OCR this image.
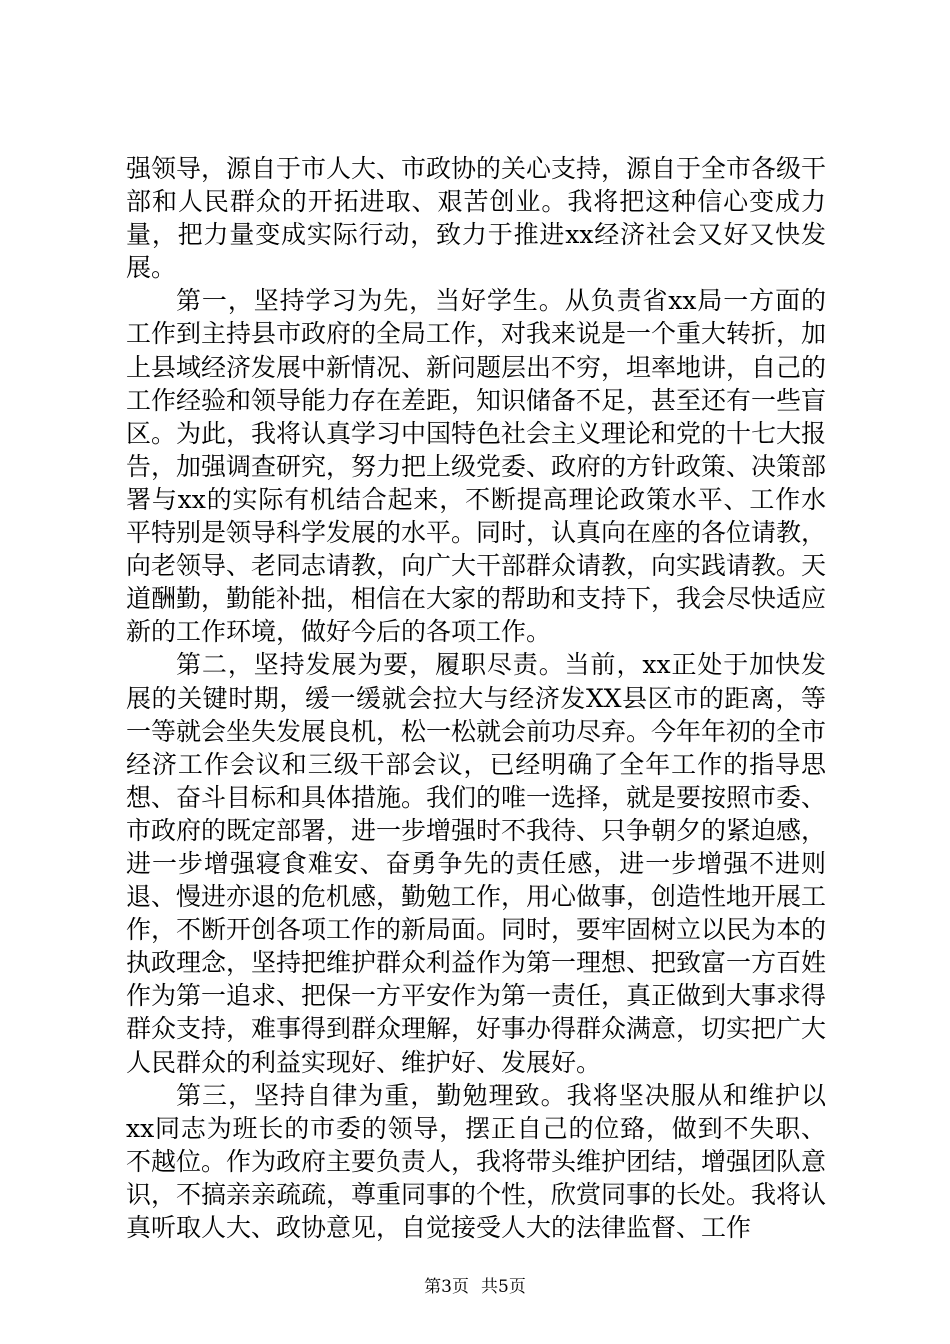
强领导，源自于市人大、市政协的关心支持，源自于全市各级干部和人民群众的开拓进取、艰苦创业。我将把这种信心变成力量，把力量变成实际行动，致力于推进xx经济社会又好又快发展。

第一，坚持学习为先，当好学生。从负责省xx局一方面的工作到主持县市政府的全局工作，对我来说是一个重大转折，加上县域经济发展中新情况、新问题层出不穷，坦率地讲，自己的工作经验和领导能力存在差距，知识储备不足，甚至还有一些盲区。为此，我将认真学习中国特色社会主义理论和党的十七大报告，加强调查研究，努力把上级党委、政府的方针政策、决策部署与xx的实际有机结合起来，不断提高理论政策水平、工作水平特别是领导科学发展的水平。同时，认真向在座的各位请教，向老领导、老同志请教，向广大干部群众请教，向实践请教。天道酬勤，勤能补拙，相信在大家的帮助和支持下，我会尽快适应新的工作环境，做好今后的各项工作。

第二，坚持发展为要，履职尽责。当前，xx正处于加快发展的关键时期，缓一缓就会拉大与经济发XX县区市的距离，等一等就会坐失发展良机，松一松就会前功尽弃。今年年初的全市经济工作会议和三级干部会议，已经明确了全年工作的指导思想、奋斗目标和具体措施。我们的唯一选择，就是要按照市委、市政府的既定部署，进一步增强时不我待、只争朝夕的紧迫感，进一步增强寝食难安、奋勇争先的责任感，进一步增强不进则退、慢进亦退的危机感，勤勉工作，用心做事，创造性地开展工作，不断开创各项工作的新局面。同时，要牢固树立以民为本的执政理念，坚持把维护群众利益作为第一理想、把致富一方百姓作为第一追求、把保一方平安作为第一责任，真正做到大事求得群众支持，难事得到群众理解，好事办得群众满意，切实把广大人民群众的利益实现好、维护好、发展好。

第三，坚持自律为重，勤勉理致。我将坚决服从和维护以xx同志为班长的市委的领导，摆正自己的位臵，做到不失职、不越位。作为政府主要负责人，我将带头维护团结，增强团队意识，不搞亲亲疏疏，尊重同事的个性，欣赏同事的长处。我将认真听取人大、政协意见，自觉接受人大的法律监督、工作

第3页 共5页
